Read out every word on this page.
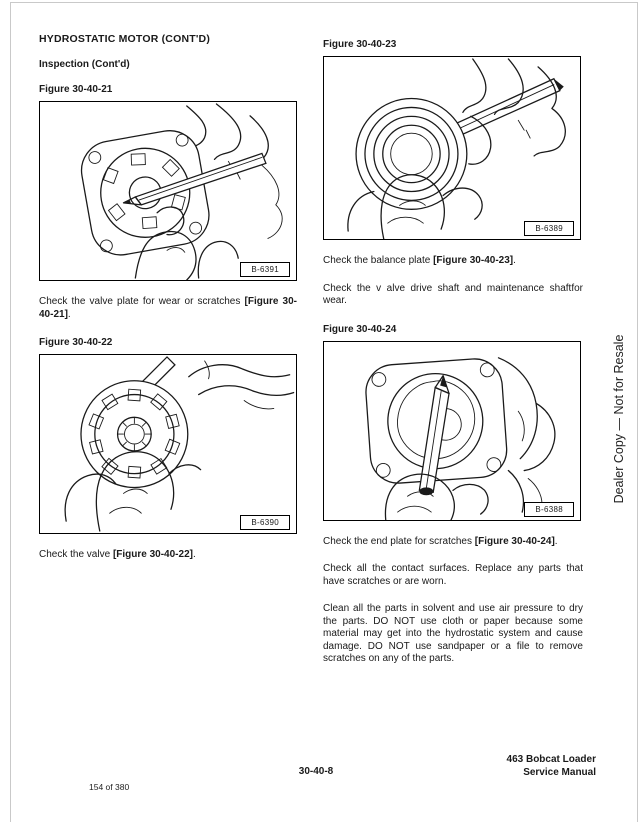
HYDROSTATIC MOTOR (CONT'D)
Inspection (Cont'd)
Figure 30-40-21
B-6391

Check the valve plate for wear or scratches [Figure 30-40-21].

Figure 30-40-22
B-6390

Check the valve [Figure 30-40-22].

Figure 30-40-23
B-6389

Check the balance plate [Figure 30-40-23].

Check the v alve drive shaft and maintenance shaftfor wear.

Figure 30-40-24
B-6388

Check the end plate for scratches [Figure 30-40-24].

Check all the contact surfaces. Replace any parts that have scratches or are worn.

Clean all the parts in solvent and use air pressure to dry the parts. DO NOT use cloth or paper because some material may get into the hydrostatic system and cause damage. DO NOT use sandpaper or a file to remove scratches on any of the parts.

Dealer Copy — Not for Resale
30-40-8
463 Bobcat Loader
Service Manual
154 of 380
